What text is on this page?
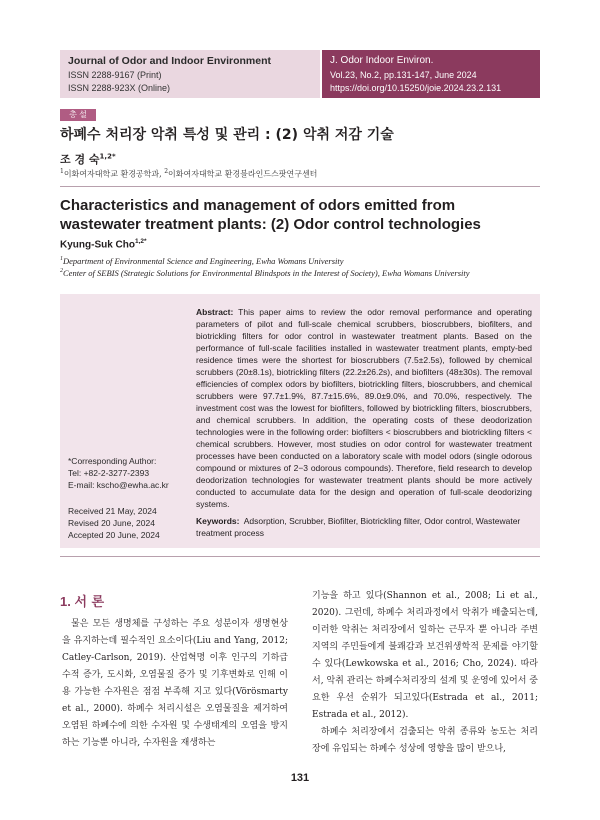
Journal of Odor and Indoor Environment
ISSN 2288-9167 (Print)
ISSN 2288-923X (Online)
J. Odor Indoor Environ.
Vol.23, No.2, pp.131-147, June 2024
https://doi.org/10.15250/joie.2024.23.2.131
총 설
하폐수 처리장 악취 특성 및 관리 : (2) 악취 저감 기술
조 경 숙$^{1,2*}$
$^1$이화여자대학교 환경공학과, $^2$이화여자대학교 환경블라인드스팟연구센터
Characteristics and management of odors emitted from wastewater treatment plants: (2) Odor control technologies
Kyung-Suk Cho$^{1,2*}$
$^1$Department of Environmental Science and Engineering, Ewha Womans University
$^2$Center of SEBIS (Strategic Solutions for Environmental Blindspots in the Interest of Society), Ewha Womans University
*Corresponding Author:
Tel: +82-2-3277-2393
E-mail: kscho@ewha.ac.kr
Received 21 May, 2024
Revised 20 June, 2024
Accepted 20 June, 2024
Abstract: This paper aims to review the odor removal performance and operating parameters of pilot and full-scale chemical scrubbers, bioscrubbers, biofilters, and biotrickling filters for odor control in wastewater treatment plants. Based on the performance of full-scale facilities installed in wastewater treatment plants, empty-bed residence times were the shortest for bioscrubbers (7.5±2.5s), followed by chemical scrubbers (20±8.1s), biotrickling filters (22.2±26.2s), and biofilters (48±30s). The removal efficiencies of complex odors by biofilters, biotrickling filters, bioscrubbers, and chemical scrubbers were 97.7±1.9%, 87.7±15.6%, 89.0±9.0%, and 70.0%, respectively. The investment cost was the lowest for biofilters, followed by biotrickling filters, bioscrubbers, and chemical scrubbers. In addition, the operating costs of these deodorization technologies were in the following order: biofilters < bioscrubbers and biotrickling filters < chemical scrubbers. However, most studies on odor control for wastewater treatment processes have been conducted on a laboratory scale with model odors (single odorous compound or mixtures of 2−3 odorous compounds). Therefore, field research to develop deodorization technologies for wastewater treatment plants should be more actively conducted to accumulate data for the design and operation of full-scale deodorizing systems.
Keywords: Adsorption, Scrubber, Biofilter, Biotrickling filter, Odor control, Wastewater treatment process
1. 서 론
물은 모든 생명체를 구성하는 주요 성분이자 생명현상을 유지하는데 필수적인 요소이다(Liu and Yang, 2012; Catley-Carlson, 2019). 산업혁명 이후 인구의 기하급수적 증가, 도시화, 오염물질 증가 및 기후변화로 인해 이용 가능한 수자원은 점점 부족해 지고 있다(Vörösmarty et al., 2000). 하폐수 처리시설은 오염물질을 제거하여 오염된 하폐수에 의한 수자원 및 수생태계의 오염을 방지하는 기능뿐 아니라, 수자원을 재생하는
기능을 하고 있다(Shannon et al., 2008; Li et al., 2020). 그런데, 하폐수 처리과정에서 악취가 배출되는데, 이러한 악취는 처리장에서 일하는 근무자 뿐 아니라 주변 지역의 주민들에게 불쾌감과 보건위생학적 문제를 야기할 수 있다(Lewkowska et al., 2016; Cho, 2024). 따라서, 악취 관리는 하폐수처리장의 설계 및 운영에 있어서 중요한 우선 순위가 되고있다(Estrada et al., 2011; Estrada et al., 2012).
하폐수 처리장에서 검출되는 악취 종류와 농도는 처리장에 유입되는 하폐수 성상에 영향을 많이 받으나,
131
